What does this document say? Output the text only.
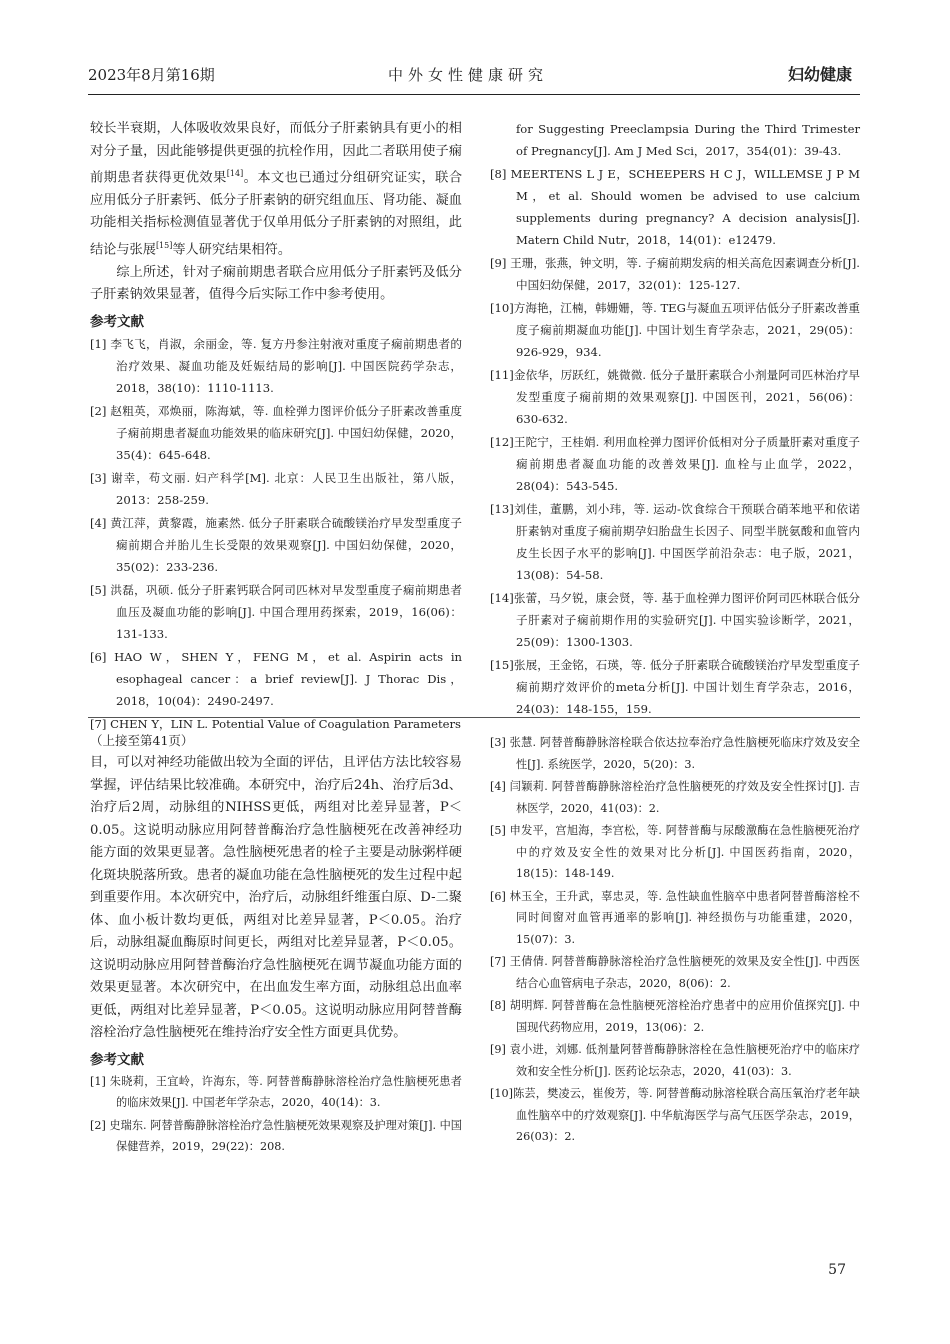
2023年8月第16期	中外女性健康研究	妇幼健康

较长半衰期，人体吸收效果良好，而低分子肝素钠具有更小的相对分子量，因此能够提供更强的抗栓作用，因此二者联用使子痫前期患者获得更优效果[14]。本文也已通过分组研究证实，联合应用低分子肝素钙、低分子肝素钠的研究组血压、肾功能、凝血功能相关指标检测值显著优于仅单用低分子肝素钠的对照组，此结论与张展[15]等人研究结果相符。

综上所述，针对子痫前期患者联合应用低分子肝素钙及低分子肝素钠效果显著，值得今后实际工作中参考使用。

参考文献
[1] 李飞飞，肖淑，余丽金，等. 复方丹参注射液对重度子痫前期患者的治疗效果、凝血功能及妊娠结局的影响[J]. 中国医院药学杂志，2018，38(10)：1110-1113.
[2] 赵粗英，邓焕丽，陈海斌，等. 血栓弹力图评价低分子肝素改善重度子痫前期患者凝血功能效果的临床研究[J]. 中国妇幼保健，2020，35(4)：645-648.
[3] 谢幸，苟文丽. 妇产科学[M]. 北京：人民卫生出版社，第八版，2013：258-259.
[4] 黄江萍，黄黎霞，施素然. 低分子肝素联合硫酸镁治疗早发型重度子痫前期合并胎儿生长受限的效果观察[J]. 中国妇幼保健，2020，35(02)：233-236.
[5] 洪磊，巩硕. 低分子肝素钙联合阿司匹林对早发型重度子痫前期患者血压及凝血功能的影响[J]. 中国合理用药探索，2019，16(06)：131-133.
[6] HAO W，SHEN Y，FENG M，et al. Aspirin acts in esophageal cancer：a brief review[J]. J Thorac Dis，2018，10(04)：2490-2497.
[7] CHEN Y，LIN L. Potential Value of Coagulation Parameters
for Suggesting Preeclampsia During the Third Trimester of Pregnancy[J]. Am J Med Sci，2017，354(01)：39-43.
[8] MEERTENS L J E，SCHEEPERS H C J，WILLEMSE J P M M，et al. Should women be advised to use calcium supplements during pregnancy? A decision analysis[J]. Matern Child Nutr，2018，14(01)：e12479.
[9] 王珊，张燕，钟文明，等. 子痫前期发病的相关高危因素调查分析[J]. 中国妇幼保健，2017，32(01)：125-127.
[10]方海艳，江楠，韩姗姗，等. TEG与凝血五项评估低分子肝素改善重度子痫前期凝血功能[J]. 中国计划生育学杂志，2021，29(05)：926-929，934.
[11]金依华，厉跃红，姚微微. 低分子量肝素联合小剂量阿司匹林治疗早发型重度子痫前期的效果观察[J]. 中国医刊，2021，56(06)：630-632.
[12]王陀宁，王桂娟. 利用血栓弹力图评价低相对分子质量肝素对重度子痫前期患者凝血功能的改善效果[J]. 血栓与止血学，2022，28(04)：543-545.
[13]刘佳，董鹏，刘小玮，等. 运动-饮食综合干预联合硝苯地平和依诺肝素钠对重度子痫前期孕妇胎盘生长因子、同型半胱氨酸和血管内皮生长因子水平的影响[J]. 中国医学前沿杂志：电子版，2021，13(08)：54-58.
[14]张蕾，马夕锐，康会贤，等. 基于血栓弹力图评价阿司匹林联合低分子肝素对子痫前期作用的实验研究[J]. 中国实验诊断学，2021，25(09)：1300-1303.
[15]张展，王金铭，石瑛，等. 低分子肝素联合硫酸镁治疗早发型重度子痫前期疗效评价的meta分析[J]. 中国计划生育学杂志，2016，24(03)：148-155，159.

（上接至第41页）

目，可以对神经功能做出较为全面的评估，且评估方法比较容易掌握，评估结果比较准确。本研究中，治疗后24h、治疗后3d、治疗后2周，动脉组的NIHSS更低，两组对比差异显著，P＜0.05。这说明动脉应用阿替普酶治疗急性脑梗死在改善神经功能方面的效果更显著。急性脑梗死患者的栓子主要是动脉粥样硬化斑块脱落所致。患者的凝血功能在急性脑梗死的发生过程中起到重要作用。本次研究中，治疗后，动脉组纤维蛋白原、D-二聚体、血小板计数均更低，两组对比差异显著，P＜0.05。治疗后，动脉组凝血酶原时间更长，两组对比差异显著，P＜0.05。这说明动脉应用阿替普酶治疗急性脑梗死在调节凝血功能方面的效果更显著。本次研究中，在出血发生率方面，动脉组总出血率更低，两组对比差异显著，P＜0.05。这说明动脉应用阿替普酶溶栓治疗急性脑梗死在维持治疗安全性方面更具优势。

参考文献
[1] 朱晓莉，王宜岭，许海东，等. 阿替普酶静脉溶栓治疗急性脑梗死患者的临床效果[J]. 中国老年学杂志，2020，40(14)：3.
[2] 史瑞东. 阿替普酶静脉溶栓治疗急性脑梗死效果观察及护理对策[J]. 中国保健营养，2019，29(22)：208.
[3] 张慧. 阿替普酶静脉溶栓联合依达拉奉治疗急性脑梗死临床疗效及安全性[J]. 系统医学，2020，5(20)：3.
[4] 闫颖莉. 阿替普酶静脉溶栓治疗急性脑梗死的疗效及安全性探讨[J]. 吉林医学，2020，41(03)：2.
[5] 申发平，宫旭海，李宫松，等. 阿替普酶与尿酸激酶在急性脑梗死治疗中的疗效及安全性的效果对比分析[J]. 中国医药指南，2020，18(15)：148-149.
[6] 林玉全，王升武，辜忠灵，等. 急性缺血性脑卒中患者阿替普酶溶栓不同时间窗对血管再通率的影响[J]. 神经损伤与功能重建，2020，15(07)：3.
[7] 王倩倩. 阿替普酶静脉溶栓治疗急性脑梗死的效果及安全性[J]. 中西医结合心血管病电子杂志，2020，8(06)：2.
[8] 胡明辉. 阿替普酶在急性脑梗死溶栓治疗患者中的应用价值探究[J]. 中国现代药物应用，2019，13(06)：2.
[9] 袁小进，刘娜. 低剂量阿替普酶静脉溶栓在急性脑梗死治疗中的临床疗效和安全性分析[J]. 医药论坛杂志，2020，41(03)：3.
[10]陈芸，樊凌云，崔俊芳，等. 阿替普酶动脉溶栓联合高压氧治疗老年缺血性脑卒中的疗效观察[J]. 中华航海医学与高气压医学杂志，2019，26(03)：2.
57
